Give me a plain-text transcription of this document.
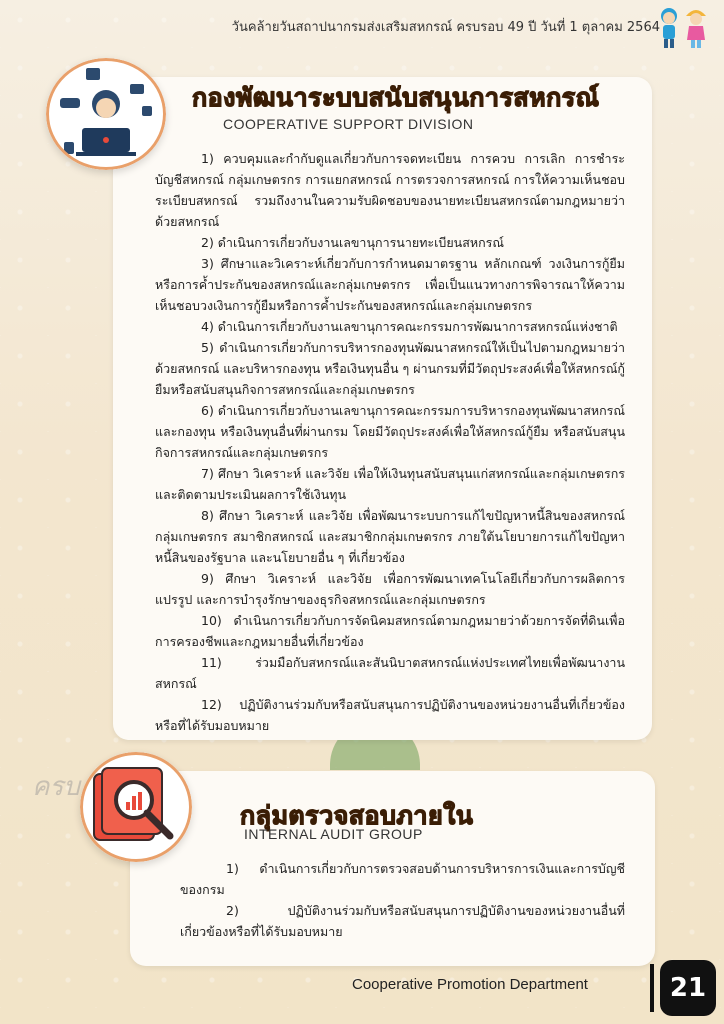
ครบ
วันคล้ายวันสถาปนากรมส่งเสริมสหกรณ์ ครบรอบ 49 ปี วันที่ 1 ตุลาคม 2564
กองพัฒนาระบบสนับสนุนการสหกรณ์
COOPERATIVE SUPPORT DIVISION

1) ควบคุมและกำกับดูแลเกี่ยวกับการจดทะเบียน การควบ การเลิก การชำระบัญชีสหกรณ์ กลุ่มเกษตรกร การแยกสหกรณ์ การตรวจการสหกรณ์ การให้ความเห็นชอบระเบียบสหกรณ์ รวมถึงงานในความรับผิดชอบของนายทะเบียนสหกรณ์ตามกฎหมายว่าด้วยสหกรณ์

2) ดำเนินการเกี่ยวกับงานเลขานุการนายทะเบียนสหกรณ์

3) ศึกษาและวิเคราะห์เกี่ยวกับการกำหนดมาตรฐาน หลักเกณฑ์ วงเงินการกู้ยืมหรือการค้ำประกันของสหกรณ์และกลุ่มเกษตรกร เพื่อเป็นแนวทางการพิจารณาให้ความเห็นชอบวงเงินการกู้ยืมหรือการค้ำประกันของสหกรณ์และกลุ่มเกษตรกร

4) ดำเนินการเกี่ยวกับงานเลขานุการคณะกรรมการพัฒนาการสหกรณ์แห่งชาติ

5) ดำเนินการเกี่ยวกับการบริหารกองทุนพัฒนาสหกรณ์ให้เป็นไปตามกฎหมายว่าด้วยสหกรณ์ และบริหารกองทุน หรือเงินทุนอื่น ๆ ผ่านกรมที่มีวัตถุประสงค์เพื่อให้สหกรณ์กู้ยืมหรือสนับสนุนกิจการสหกรณ์และกลุ่มเกษตรกร

6) ดำเนินการเกี่ยวกับงานเลขานุการคณะกรรมการบริหารกองทุนพัฒนาสหกรณ์และกองทุน หรือเงินทุนอื่นที่ผ่านกรม โดยมีวัตถุประสงค์เพื่อให้สหกรณ์กู้ยืม หรือสนับสนุนกิจการสหกรณ์และกลุ่มเกษตรกร

7) ศึกษา วิเคราะห์ และวิจัย เพื่อให้เงินทุนสนับสนุนแก่สหกรณ์และกลุ่มเกษตรกรและติดตามประเมินผลการใช้เงินทุน

8) ศึกษา วิเคราะห์ และวิจัย เพื่อพัฒนาระบบการแก้ไขปัญหาหนี้สินของสหกรณ์กลุ่มเกษตรกร สมาชิกสหกรณ์ และสมาชิกกลุ่มเกษตรกร ภายใต้นโยบายการแก้ไขปัญหาหนี้สินของรัฐบาล และนโยบายอื่น ๆ ที่เกี่ยวข้อง

9) ศึกษา วิเคราะห์ และวิจัย เพื่อการพัฒนาเทคโนโลยีเกี่ยวกับการผลิตการแปรรูป และการบำรุงรักษาของธุรกิจสหกรณ์และกลุ่มเกษตรกร

10) ดำเนินการเกี่ยวกับการจัดนิคมสหกรณ์ตามกฎหมายว่าด้วยการจัดที่ดินเพื่อการครองชีพและกฎหมายอื่นที่เกี่ยวข้อง

11) ร่วมมือกับสหกรณ์และสันนิบาตสหกรณ์แห่งประเทศไทยเพื่อพัฒนางานสหกรณ์

12) ปฏิบัติงานร่วมกับหรือสนับสนุนการปฏิบัติงานของหน่วยงานอื่นที่เกี่ยวข้องหรือที่ได้รับมอบหมาย

กลุ่มตรวจสอบภายใน
INTERNAL AUDIT GROUP

1) ดำเนินการเกี่ยวกับการตรวจสอบด้านการบริหารการเงินและการบัญชีของกรม

2) ปฏิบัติงานร่วมกับหรือสนับสนุนการปฏิบัติงานของหน่วยงานอื่นที่เกี่ยวข้องหรือที่ได้รับมอบหมาย

Cooperative Promotion Department	21
